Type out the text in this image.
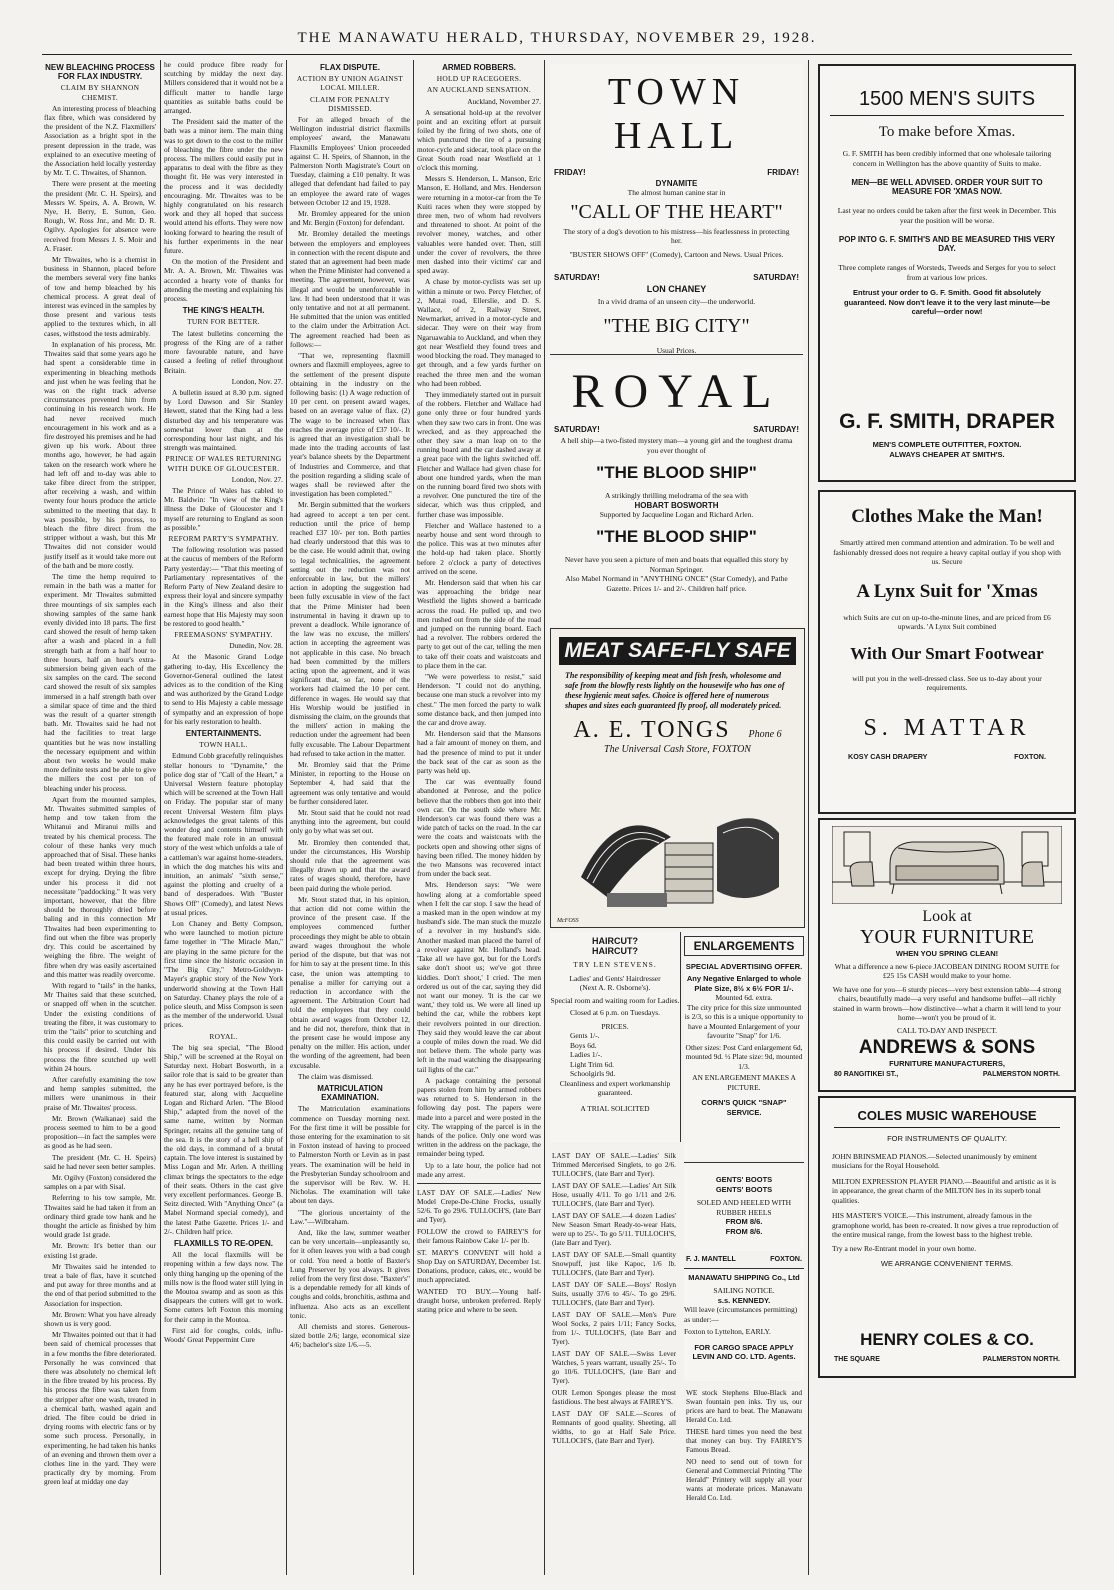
THE MANAWATU HERALD, THURSDAY, NOVEMBER 29, 1928.
NEW BLEACHING PROCESS FOR FLAX INDUSTRY.
CLAIM BY SHANNON CHEMIST.

An interesting process of bleaching flax fibre, which was considered by the president of the N.Z. Flaxmillers' Association as a bright spot in the present depression in the trade, was explained to an executive meeting of the Association held locally yesterday by Mr. T. C. Thwaites, of Shannon.

There were present at the meeting the president (Mr. C. H. Speirs), and Messrs W. Speirs, A. A. Brown, W. Nye, H. Berry, E. Sutton, Geo. Rough, W. Ross Jnr., and Mr. D. R. Ogilvy. Apologies for absence were received from Messrs J. S. Moir and A. Fraser.

Mr Thwaites, who is a chemist in business in Shannon, placed before the members several very fine hanks of tow and hemp bleached by his chemical process. A great deal of interest was evinced in the samples by those present and various tests applied to the textures which, in all cases, withstood the tests admirably.

In explanation of his process, Mr. Thwaites said that some years ago he had spent a considerable time in experimenting in bleaching methods and just when he was feeling that he was on the right track adverse circumstances prevented him from continuing in his research work. He had never received much encouragement in his work and as a fire destroyed his premises and he had given up his work. About three months ago, however, he had again taken on the research work where he had left off and to-day was able to take fibre direct from the stripper, after receiving a wash, and within twenty four hours produce the article submitted to the meeting that day. It was possible, by his process, to bleach the fibre direct from the stripper without a wash, but this Mr Thwaites did not consider would justify itself as it would take more out of the bath and be more costly.

The time the hemp required to remain in the bath was a matter for experiment. Mr Thwaites submitted three mountings of six samples each showing samples of the same hank evenly divided into 18 parts. The first card showed the result of hemp taken after a wash and placed in a full strength bath at from a half hour to three hours, half an hour's extra-submersion being given each of the six samples on the card. The second card showed the result of six samples immersed in a half strength bath over a similar space of time and the third was the result of a quarter strength bath. Mr. Thwaites said he had not had the facilities to treat large quantities but he was now installing the necessary equipment and within about two weeks he would make more definite tests and be able to give the millers the cost per ton of bleaching under his process.

Apart from the mounted samples, Mr. Thwaites submitted samples of hemp and tow taken from the Whitanui and Miranui mills and treated by his chemical process. The colour of these hanks very much approached that of Sisal. These hanks had been treated within three hours, except for drying. Drying the fibre under his process it did not necessitate "paddocking." It was very important, however, that the fibre should be thoroughly dried before baling and in this connection Mr Thwaites had been experimenting to find out when the fibre was properly dry. This could be ascertained by weighing the fibre. The weight of fibre when dry was easily ascertained and this matter was readily overcome.

With regard to "tails" in the hanks, Mr Thaites said that these scutched, or snapped off when in the scutcher. Under the existing conditions of treating the fibre, it was customary to trim the "tails" prior to scutching and this could easily be carried out with his process if desired. Under his process the fibre scutched up well within 24 hours.

After carefully examining the tow and hemp samples submitted, the millers were unanimous in their praise of Mr. Thwaites' process.

Mr. Brown (Waikanae) said the process seemed to him to be a good proposition—in fact the samples were as good as he had seen.

The president (Mr. C. H. Speirs) said he had never seen better samples.

Mr. Ogilvy (Foxton) considered the samples on a par with Sisal.

Referring to his tow sample, Mr. Thwaites said he had taken it from an ordinary third grade tow hank and he thought the article as finished by him would grade 1st grade.

Mr. Brown: It's better than our existing 1st grade.

Mr Thwaites said he intended to treat a bale of flax, have it scutched and put away for three months and at the end of that period submitted to the Association for inspection.

Mr. Brown: What you have already shown us is very good.

Mr Thwaites pointed out that it had been said of chemical processes that in a few months the fibre deteriorated. Personally he was convinced that there was absolutely no chemical left in the fibre treated by his process. By his process the fibre was taken from the stripper after one wash, treated in a chemical bath, washed again and dried. The fibre could be dried in drying rooms with electric fans or by some such process. Personally, in experimenting, he had taken his hanks of an evening and thrown them over a clothes line in the yard. They were practically dry by morning. From green leaf at midday one day

he could produce fibre ready for scutching by midday the next day. Millers considered that it would not be a difficult matter to handle large quantities as suitable baths could be arranged.

The President said the matter of the bath was a minor item. The main thing was to get down to the cost to the miller of bleaching the fibre under the new process. The millers could easily put in apparatus to deal with the fibre as they thought fit. He was very interested in the process and it was decidedly encouraging. Mr. Thwaites was to be highly congratulated on his research work and they all hoped that success would attend his efforts. They were now looking forward to hearing the result of his further experiments in the near future.

On the motion of the President and Mr. A. A. Brown, Mr. Thwaites was accorded a hearty vote of thanks for attending the meeting and explaining his process.

THE KING'S HEALTH.
TURN FOR BETTER.

The latest bulletins concerning the progress of the King are of a rather more favourable nature, and have caused a feeling of relief throughout Britain.

London, Nov. 27.

A bulletin issued at 8.30 p.m. signed by Lord Dawson and Sir Stanley Hewett, stated that the King had a less disturbed day and his temperature was somewhat lower than at the corresponding hour last night, and his strength was maintained.

PRINCE OF WALES RETURNING WITH DUKE OF GLOUCESTER.

London, Nov. 27.

The Prince of Wales has cabled to Mr. Baldwin: "In view of the King's illness the Duke of Gloucester and I myself are returning to England as soon as possible."

REFORM PARTY'S SYMPATHY.

The following resolution was passed at the caucus of members of the Reform Party yesterday:— "That this meeting of Parliamentary representatives of the Reform Party of New Zealand desire to express their loyal and sincere sympathy in the King's illness and also their earnest hope that His Majesty may soon be restored to good health."

FREEMASONS' SYMPATHY.

Dunedin, Nov. 28.

At the Masonic Grand Lodge gathering to-day, His Excellency the Governor-General outlined the latest advices as to the condition of the King and was authorized by the Grand Lodge to send to His Majesty a cable message of sympathy and an expression of hope for his early restoration to health.

ENTERTAINMENTS.
TOWN HALL.

Edmund Cobb gracefully relinquishes stellar honours to "Dynamite," the police dog star of "Call of the Heart," a Universal Western feature photoplay which will be screened at the Town Hall on Friday. The popular star of many recent Universal Western film plays acknowledges the great talents of this wonder dog and contents himself with the featured male role in an unusual story of the west which unfolds a tale of a cattleman's war against home-steaders, in which the dog matches his wits and intuition, an animals' "sixth sense," against the plotting and cruelty of a band of desperadoes. With "Buster Shows Off" (Comedy), and latest News at usual prices.

Lon Chaney and Betty Compson, who were launched to motion picture fame together in "The Miracle Man," are playing in the same picture for the first time since the historic occasion in "The Big City," Metro-Goldwyn-Mayer's graphic story of the New York underworld showing at the Town Hall on Saturday. Chaney plays the role of a police sleuth, and Miss Compson is seen as the member of the underworld. Usual prices.

ROYAL.

The big sea special, "The Blood Ship," will be screened at the Royal on Saturday next. Hobart Bosworth, in a sailor role that is said to be greater than any he has ever portrayed before, is the featured star, along with Jacqueline Logan and Richard Arlen. "The Blood Ship," adapted from the novel of the same name, written by Norman Springer, retains all the genuine tang of the sea. It is the story of a hell ship of the old days, in command of a brutal captain. The love interest is sustained by Miss Logan and Mr. Arlen. A thrilling climax brings the spectators to the edge of their seats. Others in the cast give very excellent performances. George B. Seitz directed. With "Anything Once" (a Mabel Normand special comedy), and the latest Pathe Gazette. Prices 1/- and 2/-. Children half price.

FLAXMILLS TO RE-OPEN.

All the local flaxmills will be reopening within a few days now. The only thing hanging up the opening of the mills now is the flood water still lying in the Moutoa swamp and as soon as this disappears the cutters will get to work. Some cutters left Foxton this morning for their camp in the Moutoa.

First aid for coughs, colds, influ-Woods' Great Peppermint Cure

FLAX DISPUTE.
ACTION BY UNION AGAINST LOCAL MILLER.
CLAIM FOR PENALTY DISMISSED.

For an alleged breach of the Wellington industrial district flaxmills employees' award, the Manawatu Flaxmills Employees' Union proceeded against C. H. Speirs, of Shannon, in the Palmerston North Magistrate's Court on Tuesday, claiming a £10 penalty. It was alleged that defendant had failed to pay an employee the award rate of wages between October 12 and 19, 1928.

Mr. Bromley appeared for the union and Mr. Bergin (Foxton) for defendant.

Mr. Bromley detailed the meetings between the employers and employees in connection with the recent dispute and stated that an agreement had been made when the Prime Minister had convened a meeting. The agreement, however, was illegal and would be unenforceable in law. It had been understood that it was only tentative and not at all permanent. He submitted that the union was entitled to the claim under the Arbitration Act. The agreement reached had been as follows:—

"That we, representing flaxmill owners and flaxmill employees, agree to the settlement of the present dispute obtaining in the industry on the following basis: (1) A wage reduction of 10 per cent. on present award wages, based on an average value of flax. (2) The wage to be increased when flax reaches the average price of £37 10/-. It is agreed that an investigation shall be made into the trading accounts of last year's balance sheets by the Department of Industries and Commerce, and that the position regarding a sliding scale of wages shall be reviewed after the investigation has been completed."

Mr. Bergin submitted that the workers had agreed to accept a ten per cent. reduction until the price of hemp reached £37 10/- per ton. Both parties had clearly understood that this was to be the case. He would admit that, owing to legal technicalities, the agreement setting out the reduction was not enforceable in law, but the millers' action in adopting the suggestion had been fully excusable in view of the fact that the Prime Minister had been instrumental in having it drawn up to prevent a deadlock. While ignorance of the law was no excuse, the millers' action in accepting the agreement was not applicable in this case. No breach had been committed by the millers acting upon the agreement, and it was significant that, so far, none of the workers had claimed the 10 per cent. difference in wages. He would say that His Worship would be justified in dismissing the claim, on the grounds that the millers' action in making the reduction under the agreement had been fully excusable. The Labour Department had refused to take action in the matter.

Mr. Bromley said that the Prime Minister, in reporting to the House on September 4, had said that the agreement was only tentative and would be further considered later.

Mr. Stout said that he could not read anything into the agreement, but could only go by what was set out.

Mr. Bromley then contended that, under the circumstances, His Worship should rule that the agreement was illegally drawn up and that the award rates of wages should, therefore, have been paid during the whole period.

Mr. Stout stated that, in his opinion, that action did not come within the province of the present case. If the employees commenced further proceedings they might be able to obtain award wages throughout the whole period of the dispute, but that was not for him to say at the present time. In this case, the union was attempting to penalise a miller for carrying out a reduction in accordance with the agreement. The Arbitration Court had told the employees that they could obtain award wages from October 12, and he did not, therefore, think that in the present case he would impose any penalty on the miller. His action, under the wording of the agreement, had been excusable.

The claim was dismissed.

MATRICULATION EXAMINATION.

The Matriculation examinations commence on Tuesday morning next. For the first time it will be possible for those entering for the examination to sit in Foxton instead of having to proceed to Palmerston North or Levin as in past years. The examination will be held in the Presbyterian Sunday schoolroom and the supervisor will be Rev. W. H. Nicholas. The examination will take about ten days.

"The glorious uncertainty of the Law."—Wilbraham.

And, like the law, summer weather can be very uncertain—unpleasantly so, for it often leaves you with a bad cough or cold. You need a bottle of Baxter's Lung Preserver by you always. It gives relief from the very first dose. "Baxter's" is a dependable remedy for all kinds of coughs and colds, bronchitis, asthma and influenza. Also acts as an excellent tonic.

All chemists and stores. Generous-sized bottle 2/6; large, economical size 4/6; bachelor's size 1/6.—5.

ARMED ROBBERS.
HOLD UP RACEGOERS.
AN AUCKLAND SENSATION.

Auckland, November 27.

A sensational hold-up at the revolver point and an exciting effort at pursuit foiled by the firing of two shots, one of which punctured the tire of a pursuing motor-cycle and sidecar, took place on the Great South road near Westfield at 1 o'clock this morning.

Messrs S. Henderson, L. Manson, Eric Manson, E. Holland, and Mrs. Henderson were returning in a motor-car from the Te Kuiti races when they were stopped by three men, two of whom had revolvers and threatened to shoot. At point of the revolver money, watches, and other valuables were handed over. Then, still under the cover of revolvers, the three men dashed into their victims' car and sped away.

A chase by motor-cyclists was set up within a minute or two. Percy Fletcher, of 2, Mutai road, Ellerslie, and D. S. Wallace, of 2, Railway Street, Newmarket, arrived in a motor-cycle and sidecar. They were on their way from Ngaruawahia to Auckland, and when they got near Westfield they found trees and wood blocking the road. They managed to get through, and a few yards further on reached the three men and the woman who had been robbed.

They immediately started out in pursuit of the robbers. Fletcher and Wallace had gone only three or four hundred yards when they saw two cars in front. One was wrecked, and as they approached the other they saw a man leap on to the running board and the car dashed away at a great pace with the lights switched off. Fletcher and Wallace had given chase for about one hundred yards, when the man on the running board fired two shots with a revolver. One punctured the tire of the sidecar, which was thus crippled, and further chase was impossible.

Fletcher and Wallace hastened to a nearby house and sent word through to the police. This was at two minutes after the hold-up had taken place. Shortly before 2 o'clock a party of detectives arrived on the scene.

Mr. Henderson said that when his car was approaching the bridge near Westfield the lights showed a barricade across the road. He pulled up, and two men rushed out from the side of the road and jumped on the running board. Each had a revolver. The robbers ordered the party to get out of the car, telling the men to take off their coats and waistcoats and to place them in the car.

"We were powerless to resist," said Henderson. "I could not do anything, because one man stuck a revolver into my chest." The men forced the party to walk some distance back, and then jumped into the car and drove away.

Mr. Henderson said that the Mansons had a fair amount of money on them, and had the presence of mind to put it under the back seat of the car as soon as the party was held up.

The car was eventually found abandoned at Penrose, and the police believe that the robbers then got into their own car. On the south side where Mr. Henderson's car was found there was a wide patch of tacks on the road. In the car were the coats and waistcoats with the pockets open and showing other signs of having been rifled. The money hidden by the two Mansons was recovered intact from under the back seat.

Mrs. Henderson says: "We were howling along at a comfortable speed when I felt the car stop. I saw the head of a masked man in the open window at my husband's side. The man stuck the muzzle of a revolver in my husband's side. Another masked man placed the barrel of a revolver against Mr. Holland's head. 'Take all we have got, but for the Lord's sake don't shoot us; we've got three kiddies. Don't shoot,' I cried. The men ordered us out of the car, saying they did not want our money. 'It is the car we want,' they told us. We were all lined up behind the car, while the robbers kept their revolvers pointed in our direction. They said they would leave the car about a couple of miles down the road. We did not believe them. The whole party was left in the road watching the disappearing tail lights of the car."

A package containing the personal papers stolen from him by armed robbers was returned to S. Henderson in the following day post. The papers were made into a parcel and were posted in the city. The wrapping of the parcel is in the hands of the police. Only one word was written in the address on the package, the remainder being typed.

Up to a late hour, the police had not made any arrest.

LAST DAY OF SALE.—Ladies' New Model Crepe-De-Chine Frocks, usually 52/6. To go 29/6. TULLOCH'S, (late Barr and Tyer).
FOLLOW the crowd to FAIREY'S for their famous Rainbow Cake 1/- per lb.
ST. MARY'S CONVENT will hold a Shop Day on SATURDAY, December 1st. Donations, produce, cakes, etc., would be much appreciated.
WANTED TO BUY.—Young half-draught horse, unbroken preferred. Reply stating price and where to be seen.
TOWN HALL
FRIDAY!	FRIDAY!
DYNAMITE
The almost human canine star in
"CALL OF THE HEART"
The story of a dog's devotion to his mistress—his fearlessness in protecting her.
"BUSTER SHOWS OFF" (Comedy), Cartoon and News. Usual Prices.
SATURDAY!	SATURDAY!
LON CHANEY
In a vivid drama of an unseen city—the underworld.
"THE BIG CITY"
Usual Prices.
ROYAL
SATURDAY!	SATURDAY!
A hell ship—a two-fisted mystery man—a young girl and the toughest drama you ever thought of
"THE BLOOD SHIP"
A strikingly thrilling melodrama of the sea with
HOBART BOSWORTH
Supported by Jacqueline Logan and Richard Arlen.
"THE BLOOD SHIP"
Never have you seen a picture of men and boats that equalled this story by Norman Springer.
Also Mabel Normand in "ANYTHING ONCE" (Star Comedy), and Pathe Gazette. Prices 1/- and 2/-. Children half price.
MEAT SAFE-FLY SAFE
The responsibility of keeping meat and fish fresh, wholesome and safe from the blowfly rests lightly on the housewife who has one of these hygienic meat safes. Choice is offered here of numerous shapes and sizes each guaranteed fly proof, all moderately priced.
A. E. TONGS Phone 6
The Universal Cash Store, FOXTON
McFOSS
HAIRCUT?
HAIRCUT?
TRY LEN STEVENS.
Ladies' and Gents' Hairdresser
(Next A. R. Osborne's).
Special room and waiting room for Ladies.
Closed at 6 p.m. on Tuesdays.
PRICES.
Gents 1/-.
Boys 6d.
Ladies 1/-.
Light Trim 6d.
Schoolgirls 9d.
Cleanliness and expert workmanship guaranteed.
A TRIAL SOLICITED
LAST DAY OF SALE.—Ladies' Silk Trimmed Mercerised Singlets, to go 2/6. TULLOCH'S, (late Barr and Tyer).
LAST DAY OF SALE.—Ladies' Art Silk Hose, usually 4/11. To go 1/11 and 2/6. TULLOCH'S, (late Barr and Tyer).
LAST DAY OF SALE.—4 dozen Ladies' New Season Smart Ready-to-wear Hats, were up to 25/-. To go 5/11. TULLOCH'S, (late Barr and Tyer).
LAST DAY OF SALE.—Small quantity Snowpuff, just like Kapoc, 1/6 lb. TULLOCH'S, (late Barr and Tyer).
LAST DAY OF SALE.—Boys' Roslyn Suits, usually 37/6 to 45/-. To go 29/6. TULLOCH'S, (late Barr and Tyer).
LAST DAY OF SALE.—Men's Pure Wool Socks, 2 pairs 1/11; Fancy Socks, from 1/-. TULLOCH'S, (late Barr and Tyer).
LAST DAY OF SALE.—Swiss Lever Watches, 5 years warrant, usually 25/-. To go 10/6. TULLOCH'S, (late Barr and Tyer).
OUR Lemon Sponges please the most fastidious. The best always at FAIREY'S.
LAST DAY OF SALE.—Scores of Remnants of good quality. Sheeting, all widths, to go at Half Sale Price. TULLOCH'S, (late Barr and Tyer).
ENLARGEMENTS
SPECIAL ADVERTISING OFFER.
Any Negative Enlarged to whole Plate Size, 8½ x 6½ FOR 1/-.
Mounted 6d. extra.
The city price for this size unmounted is 2/3, so this is a unique opportunity to have a Mounted Enlargement of your favourite "Snap" for 1/6.
Other sizes: Post Card enlargement 6d, mounted 9d. ½ Plate size: 9d, mounted 1/3.
AN ENLARGEMENT MAKES A PICTURE.
CORN'S QUICK "SNAP" SERVICE.
GENTS' BOOTS
GENTS' BOOTS
SOLED AND HEELED WITH RUBBER HEELS
FROM 8/6.
FROM 8/6.
F. J. MANTELL	FOXTON.
MANAWATU SHIPPING Co., Ltd
SAILING NOTICE.
s.s. KENNEDY.
Will leave (circumstances permitting) as under:—
Foxton to Lyttelton, EARLY.
FOR CARGO SPACE APPLY LEVIN AND CO. LTD. Agents.
WE stock Stephens Blue-Black and Swan fountain pen inks. Try us, our prices are hard to beat. The Manawatu Herald Co. Ltd.
THESE hard times you need the best that money can buy. Try FAIREY'S Famous Bread.
NO need to send out of town for General and Commercial Printing "The Herald" Printery will supply all your wants at moderate prices. Manawatu Herald Co. Ltd.
1500 MEN'S SUITS
To make before Xmas.
G. F. SMITH has been credibly informed that one wholesale tailoring concern in Wellington has the above quantity of Suits to make.
MEN—BE WELL ADVISED. ORDER YOUR SUIT TO MEASURE FOR 'XMAS NOW.
Last year no orders could be taken after the first week in December. This year the position will be worse.
POP INTO G. F. SMITH'S AND BE MEASURED THIS VERY DAY.
Three complete ranges of Worsteds, Tweeds and Serges for you to select from at various low prices.
Entrust your order to G. F. Smith. Good fit absolutely guaranteed. Now don't leave it to the very last minute—be careful—order now!
G. F. SMITH, DRAPER
MEN'S COMPLETE OUTFITTER, FOXTON.
ALWAYS CHEAPER AT SMITH'S.
Clothes Make the Man!
Smartly attired men command attention and admiration. To be well and fashionably dressed does not require a heavy capital outlay if you shop with us. Secure
A Lynx Suit for 'Xmas
which Suits are cut on up-to-the-minute lines, and are priced from £6 upwards. 'A Lynx Suit combined
With Our Smart Footwear
will put you in the well-dressed class. See us to-day about your requirements.
S. MATTAR
KOSY CASH DRAPERY	FOXTON.
Look at
YOUR FURNITURE
WHEN YOU SPRING CLEAN!
What a difference a new 6-piece JACOBEAN DINING ROOM SUITE for £25 15s CASH would make to your home.
We have one for you—6 sturdy pieces—very best extension table—4 strong chairs, beautifully made—a very useful and handsome buffet—all richly stained in warm brown—how distinctive—what a charm it will lend to your home—won't you be proud of it.
CALL TO-DAY AND INSPECT.
ANDREWS & SONS
FURNITURE MANUFACTURERS,
80 RANGITIKEI ST.,	PALMERSTON NORTH.
COLES MUSIC WAREHOUSE
FOR INSTRUMENTS OF QUALITY.
JOHN BRINSMEAD PIANOS.—Selected unanimously by eminent musicians for the Royal Household.
MILTON EXPRESSION PLAYER PIANO.—Beautiful and artistic as it is in appearance, the great charm of the MILTON lies in its superb tonal qualities.
HIS MASTER'S VOICE.—This instrument, already famous in the gramophone world, has been re-created. It now gives a true reproduction of the entire musical range, from the lowest bass to the highest treble.
Try a new Re-Entrant model in your own home.
WE ARRANGE CONVENIENT TERMS.
HENRY COLES & CO.
THE SQUARE	PALMERSTON NORTH.
